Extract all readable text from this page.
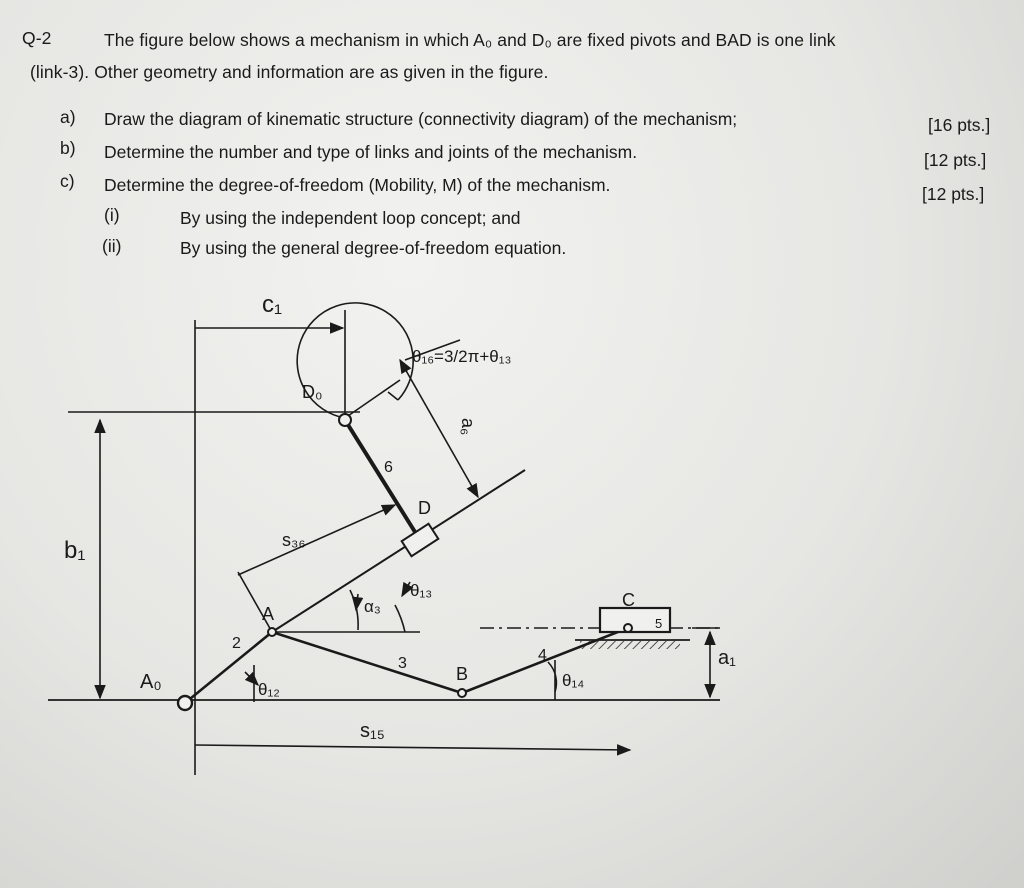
Q-2	The figure below shows a mechanism in which A₀ and D₀ are fixed pivots and BAD is one link
(link-3). Other geometry and information are as given in the figure.
a) Draw the diagram of kinematic structure (connectivity diagram) of the mechanism;	[16 pts.]
b) Determine the number and type of links and joints of the mechanism.	[12 pts.]
c) Determine the degree-of-freedom (Mobility, M) of the mechanism.	[12 pts.]
(i)	By using the independent loop concept; and
(ii)	By using the general degree-of-freedom equation.
c₁
θ₁₆=3/2π+θ₁₃
D₀
a₆
6
D
s₃₆
b₁
θ₁₃
α₃
A
C
5
2
3	4
A₀	θ₁₂
B	θ₁₄
a₁
s₁₅
